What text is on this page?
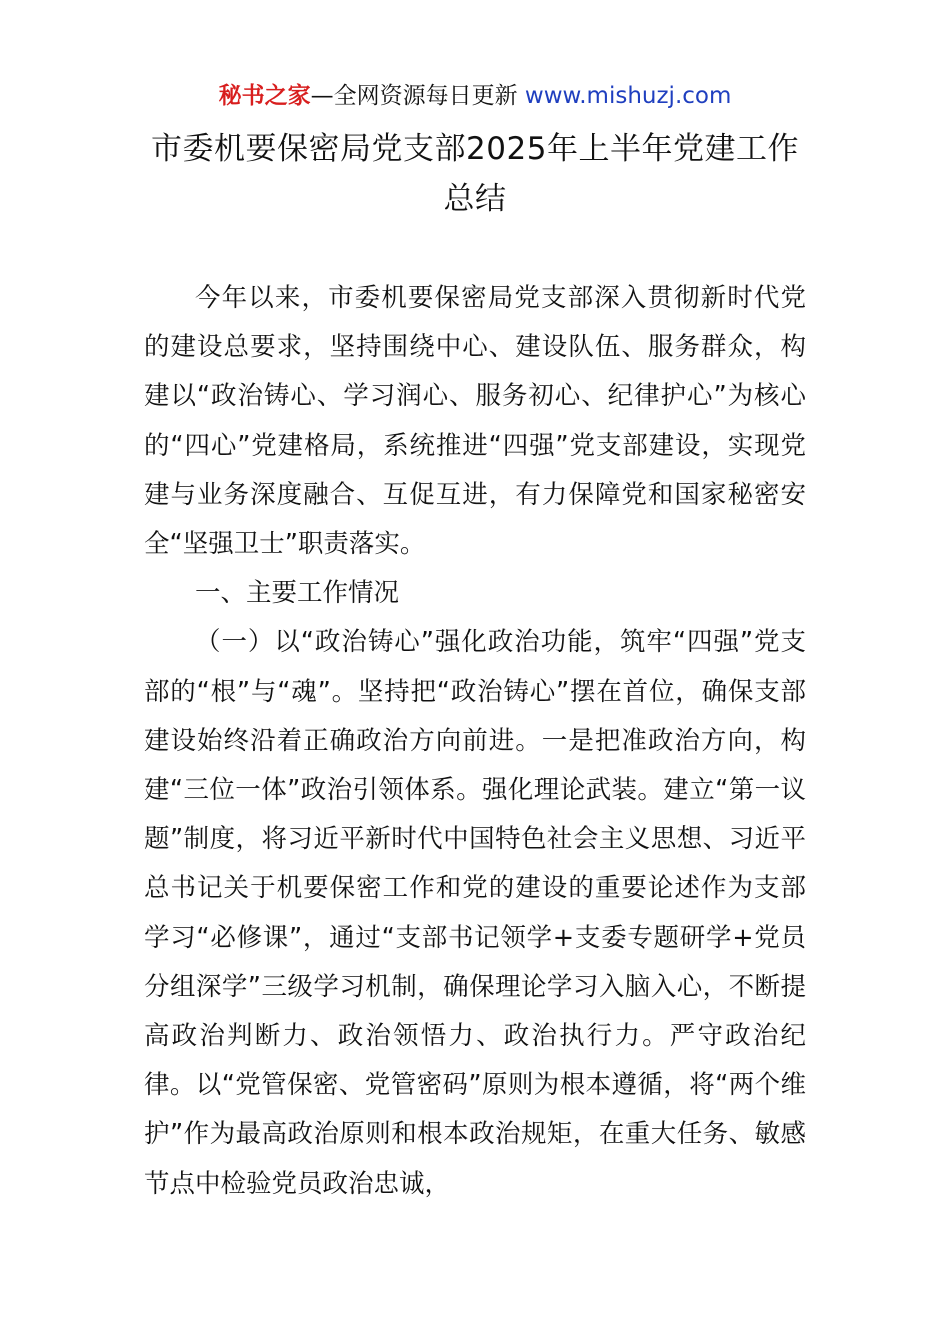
秘书之家—全网资源每日更新 www.mishuzj.com
市委机要保密局党支部2025年上半年党建工作总结

今年以来，市委机要保密局党支部深入贯彻新时代党的建设总要求，坚持围绕中心、建设队伍、服务群众，构建以“政治铸心、学习润心、服务初心、纪律护心”为核心的“四心”党建格局，系统推进“四强”党支部建设，实现党建与业务深度融合、互促互进，有力保障党和国家秘密安全“坚强卫士”职责落实。

一、主要工作情况

（一）以“政治铸心”强化政治功能，筑牢“四强”党支部的“根”与“魂”。坚持把“政治铸心”摆在首位，确保支部建设始终沿着正确政治方向前进。一是把准政治方向，构建“三位一体”政治引领体系。强化理论武装。建立“第一议题”制度，将习近平新时代中国特色社会主义思想、习近平总书记关于机要保密工作和党的建设的重要论述作为支部学习“必修课”，通过“支部书记领学+支委专题研学+党员分组深学”三级学习机制，确保理论学习入脑入心，不断提高政治判断力、政治领悟力、政治执行力。严守政治纪律。以“党管保密、党管密码”原则为根本遵循，将“两个维护”作为最高政治原则和根本政治规矩，在重大任务、敏感节点中检验党员政治忠诚，
